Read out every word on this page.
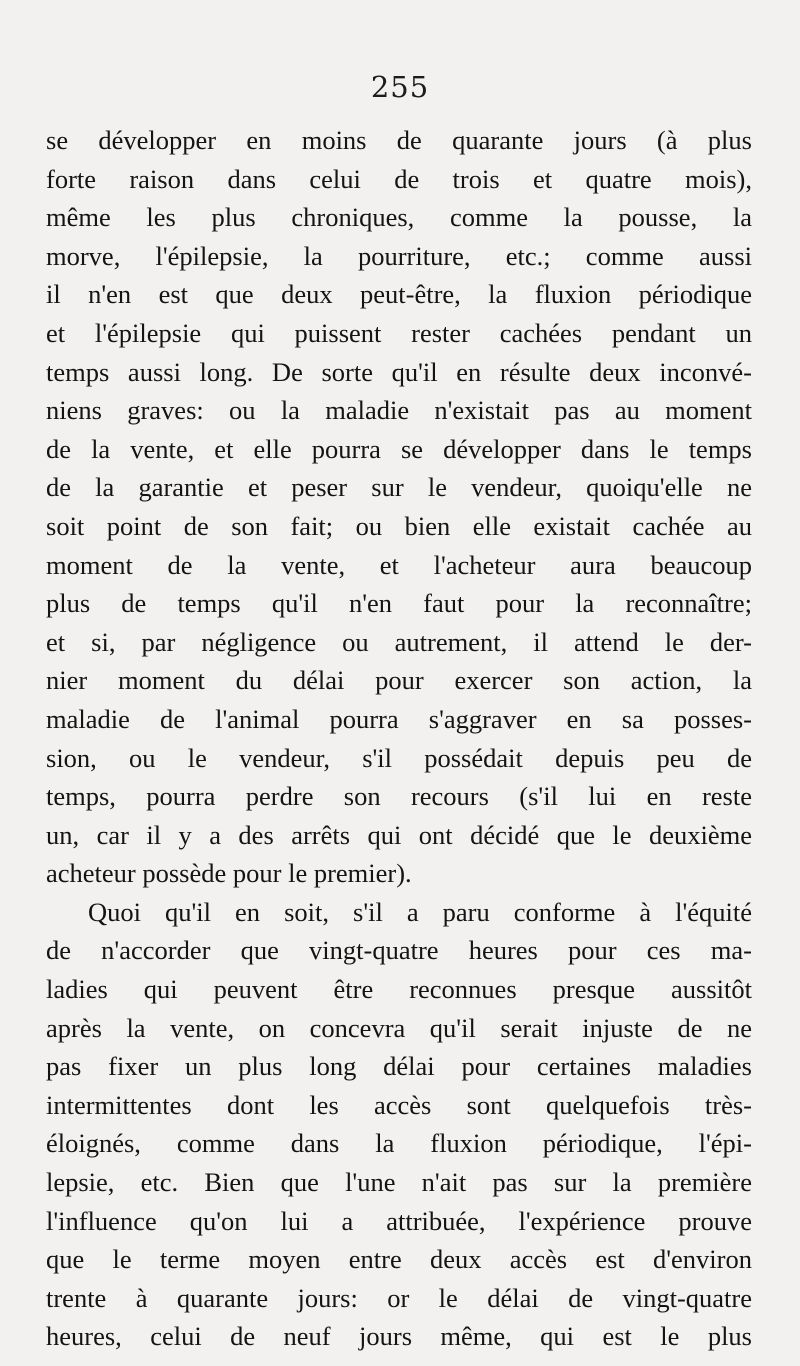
255
se développer en moins de quarante jours (à plus
forte raison dans celui de trois et quatre mois),
même les plus chroniques, comme la pousse, la
morve, l'épilepsie, la pourriture, etc.; comme aussi
il n'en est que deux peut-être, la fluxion périodique
et l'épilepsie qui puissent rester cachées pendant un
temps aussi long. De sorte qu'il en résulte deux inconvé-
niens graves: ou la maladie n'existait pas au moment
de la vente, et elle pourra se développer dans le temps
de la garantie et peser sur le vendeur, quoiqu'elle ne
soit point de son fait; ou bien elle existait cachée au
moment de la vente, et l'acheteur aura beaucoup
plus de temps qu'il n'en faut pour la reconnaître;
et si, par négligence ou autrement, il attend le der-
nier moment du délai pour exercer son action, la
maladie de l'animal pourra s'aggraver en sa posses-
sion, ou le vendeur, s'il possédait depuis peu de
temps, pourra perdre son recours (s'il lui en reste
un, car il y a des arrêts qui ont décidé que le deuxième
acheteur possède pour le premier).
Quoi qu'il en soit, s'il a paru conforme à l'équité
de n'accorder que vingt-quatre heures pour ces ma-
ladies qui peuvent être reconnues presque aussitôt
après la vente, on concevra qu'il serait injuste de ne
pas fixer un plus long délai pour certaines maladies
intermittentes dont les accès sont quelquefois très-
éloignés, comme dans la fluxion périodique, l'épi-
lepsie, etc. Bien que l'une n'ait pas sur la première
l'influence qu'on lui a attribuée, l'expérience prouve
que le terme moyen entre deux accès est d'environ
trente à quarante jours: or le délai de vingt-quatre
heures, celui de neuf jours même, qui est le plus
